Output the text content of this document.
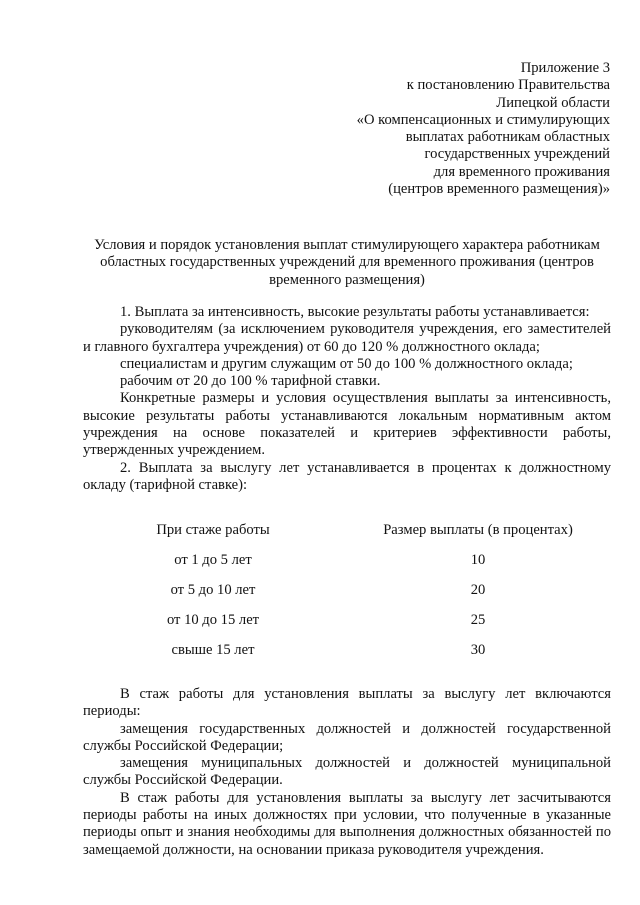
Приложение 3
к постановлению Правительства
Липецкой области
«О компенсационных и стимулирующих
выплатах работникам областных
государственных учреждений
для временного проживания
(центров временного размещения)»
Условия и порядок установления выплат стимулирующего характера работникам
областных государственных учреждений для временного проживания (центров
временного размещения)

1. Выплата за интенсивность, высокие результаты работы устанавливается:

руководителям (за исключением руководителя учреждения, его заместителей и главного бухгалтера учреждения) от 60 до 120 % должностного оклада;

специалистам и другим служащим от 50 до 100 % должностного оклада;

рабочим от 20 до 100 % тарифной ставки.

Конкретные размеры и условия осуществления выплаты за интенсивность, высокие результаты работы устанавливаются локальным нормативным актом учреждения на основе показателей и критериев эффективности работы, утвержденных учреждением.

2. Выплата за выслугу лет устанавливается в процентах к должностному окладу (тарифной ставке):

При стаже работы	Размер выплаты (в процентах)
от 1 до 5 лет	10
от 5 до 10 лет	20
от 10 до 15 лет	25
свыше 15 лет	30

В стаж работы для установления выплаты за выслугу лет включаются периоды:

замещения государственных должностей и должностей государственной службы Российской Федерации;

замещения муниципальных должностей и должностей муниципальной службы Российской Федерации.

В стаж работы для установления выплаты за выслугу лет засчитываются периоды работы на иных должностях при условии, что полученные в указанные периоды опыт и знания необходимы для выполнения должностных обязанностей по замещаемой должности, на основании приказа руководителя учреждения.
